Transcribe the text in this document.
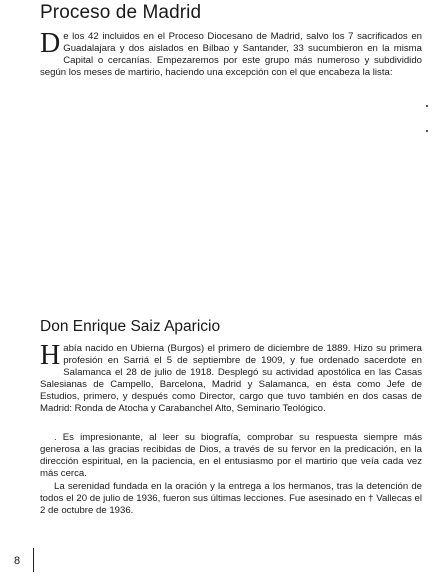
Proceso de Madrid

De los 42 incluidos en el Proceso Diocesano de Madrid, salvo los 7 sacrificados en Guadalajara y dos aislados en Bilbao y Santander, 33 sucumbieron en la misma Capital o cercanías. Empezaremos por este grupo más numeroso y subdividido según los meses de martirio, haciendo una excepción con el que encabeza la lista:

Don Enrique Saiz Aparicio

Había nacido en Ubierna (Burgos) el primero de diciembre de 1889. Hizo su primera profesión en Sarriá el 5 de septiembre de 1909, y fue ordenado sacerdote en Salamanca el 28 de julio de 1918. Desplegó su actividad apostólica en las Casas Salesianas de Campello, Barcelona, Madrid y Salamanca, en ésta como Jefe de Estudios, primero, y después como Director, cargo que tuvo también en dos casas de Madrid: Ronda de Atocha y Carabanchel Alto, Seminario Teológico.

. Es impresionante, al leer su biografía, comprobar su respuesta siempre más generosa a las gracias recibidas de Dios, a través de su fervor en la predicación, en la dirección espiritual, en la paciencia, en el entusiasmo por el martirio que veía cada vez más cerca.

La serenidad fundada en la oración y la entrega a los hermanos, tras la detención de todos el 20 de julio de 1936, fueron sus últimas lecciones. Fue asesinado en † Vallecas el 2 de octubre de 1936.

8
